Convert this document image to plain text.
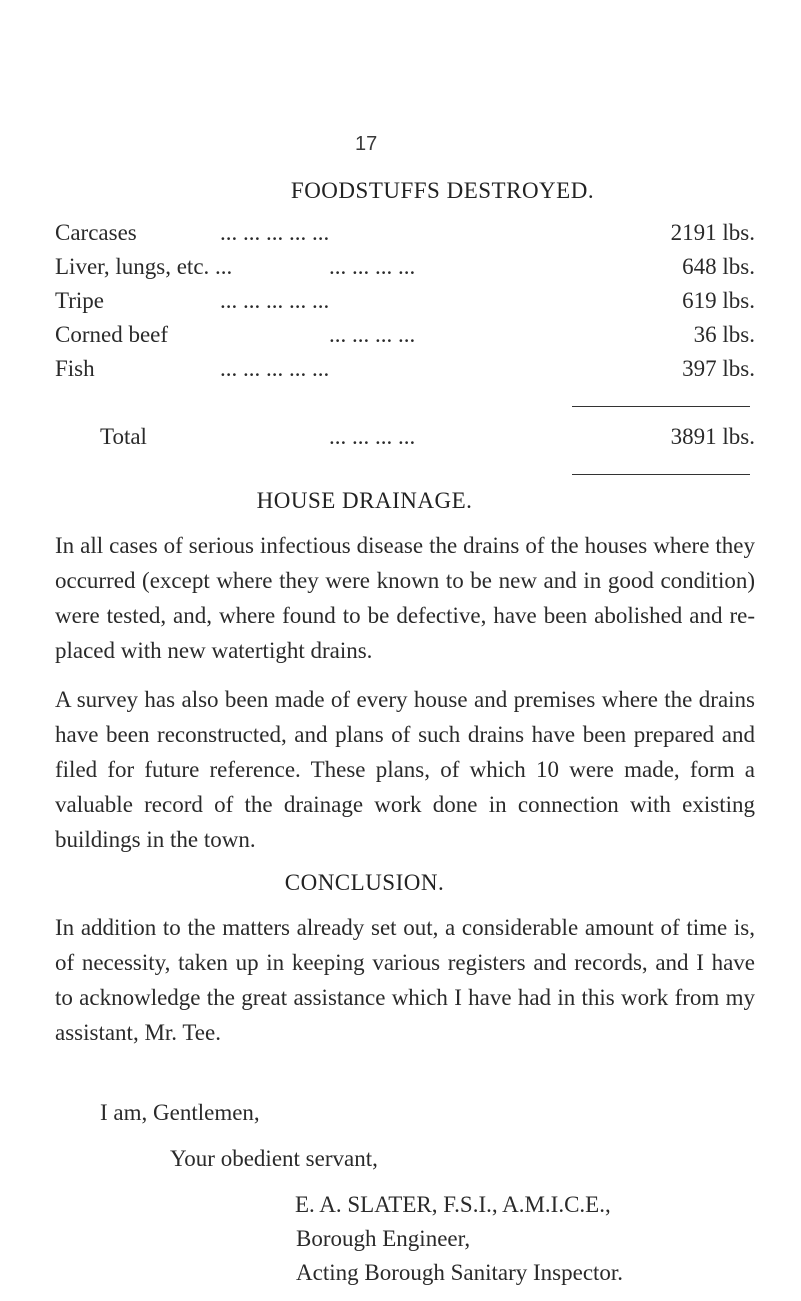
17
FOODSTUFFS DESTROYED.
Carcases	... ... ... ... ...	2191 lbs.
Liver, lungs, etc. ...	... ... ... ...	648 lbs.
Tripe	... ... ... ... ...	619 lbs.
Corned beef	... ... ... ...	36 lbs.
Fish	... ... ... ... ...	397 lbs.
Total	... ... ... ...	3891 lbs.
HOUSE DRAINAGE.

In all cases of serious infectious disease the drains of the houses where they occurred (except where they were known to be new and in good condition) were tested, and, where found to be defective, have been abolished and re-placed with new watertight drains.

A survey has also been made of every house and premises where the drains have been reconstructed, and plans of such drains have been prepared and filed for future reference. These plans, of which 10 were made, form a valuable record of the drainage work done in connection with existing buildings in the town.

CONCLUSION.

In addition to the matters already set out, a considerable amount of time is, of necessity, taken up in keeping various registers and records, and I have to acknowledge the great assistance which I have had in this work from my assistant, Mr. Tee.

I am, Gentlemen,
Your obedient servant,
E. A. SLATER, F.S.I., A.M.I.C.E.,
Borough Engineer,
Acting Borough Sanitary Inspector.
